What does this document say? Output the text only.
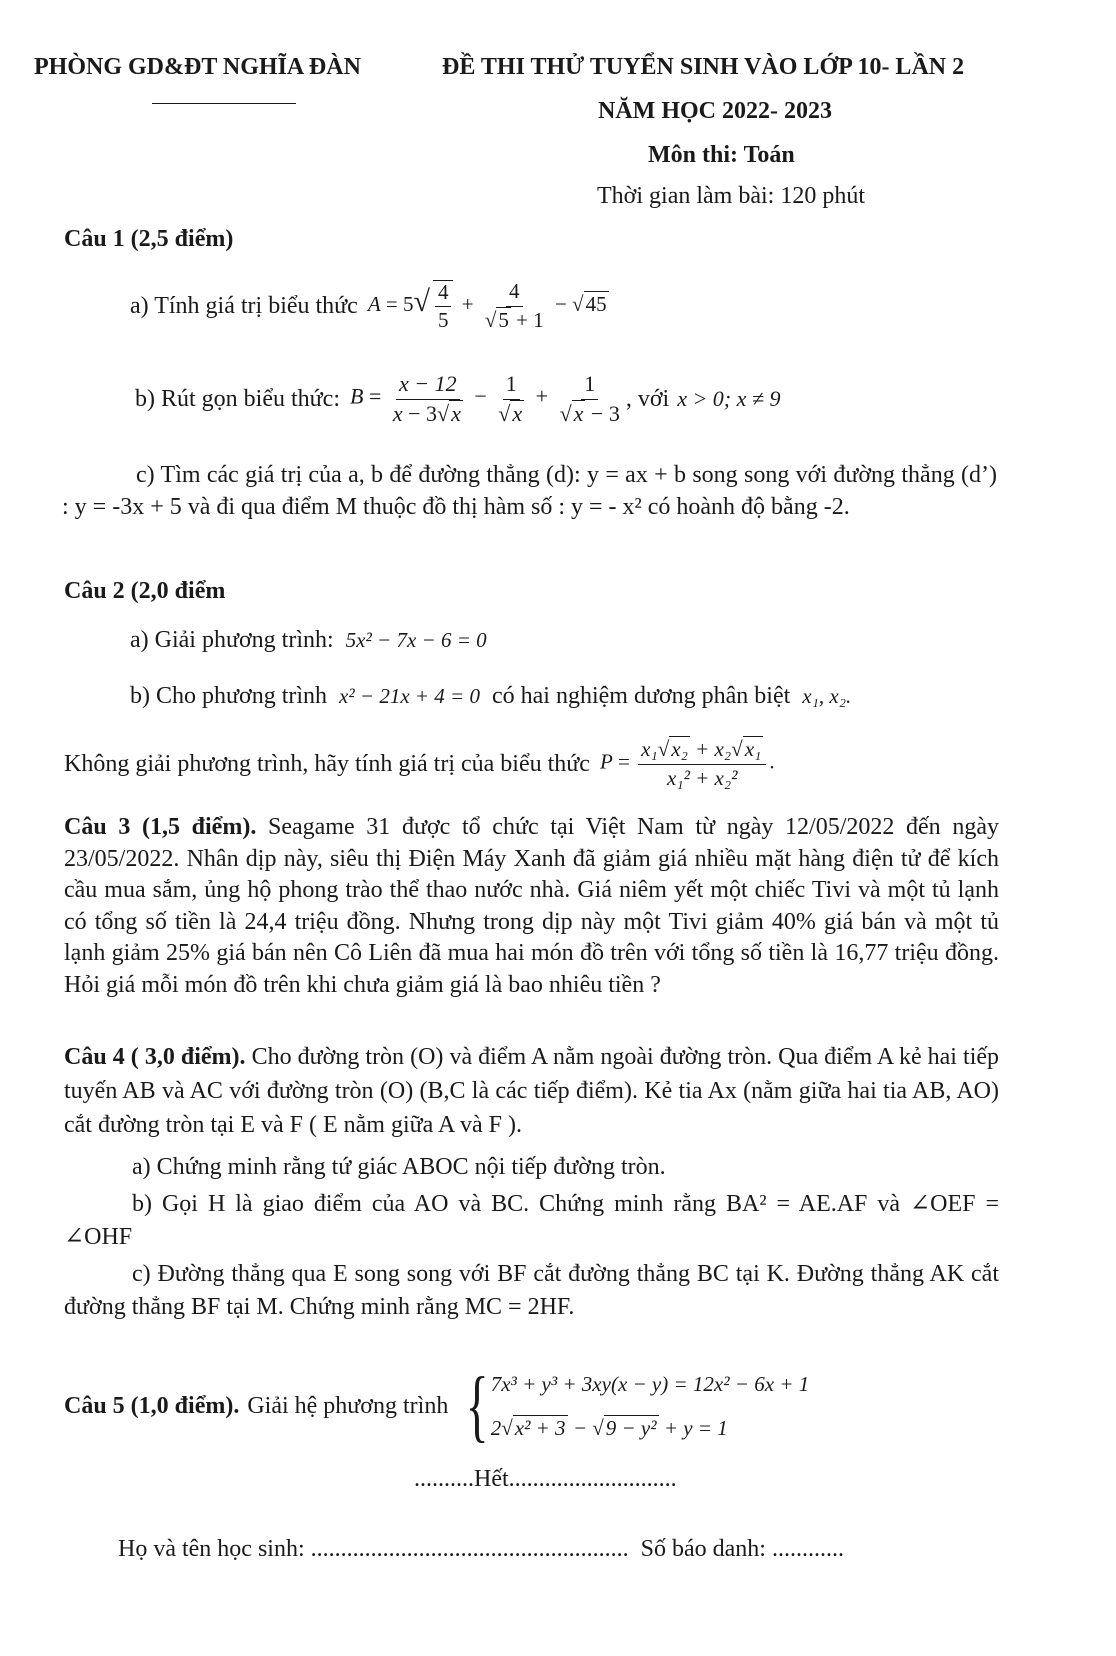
PHÒNG GD&ĐT NGHĨA ĐÀN	ĐỀ THI THỬ TUYỂN SINH VÀO LỚP 10- LẦN 2
NĂM HỌC 2022- 2023
Môn thi: Toán
Thời gian làm bài: 120 phút
Câu 1 (2,5 điểm)
a) Tính giá trị biểu thức $A = 5√ \frac{4}{5} + \frac{4}{√5 + 1} - √45$
b) Rút gọn biểu thức: $B = \frac{x - 12}{x - 3√x} - \frac{1}{√x} + \frac{1}{√x - 3}$ , với x > 0; x ≠ 9
c) Tìm các giá trị của a, b để đường thẳng (d): y = ax + b song song với đường thẳng (d’) : y = -3x + 5 và đi qua điểm M thuộc đồ thị hàm số : y = - x² có hoành độ bằng -2.
Câu 2 (2,0 điểm
a) Giải phương trình: 5x² − 7x − 6 = 0
b) Cho phương trình x² − 21x + 4 = 0 có hai nghiệm dương phân biệt x₁, x₂.
Không giải phương trình, hãy tính giá trị của biểu thức $P = \frac{\text{x₁√x₂ + x₂√x₁}}{\text{x₁² + x₂²}}$ .
Câu 3 (1,5 điểm). Seagame 31 được tổ chức tại Việt Nam từ ngày 12/05/2022 đến ngày 23/05/2022. Nhân dịp này, siêu thị Điện Máy Xanh đã giảm giá nhiều mặt hàng điện tử để kích cầu mua sắm, ủng hộ phong trào thể thao nước nhà. Giá niêm yết một chiếc Tivi và một tủ lạnh có tổng số tiền là 24,4 triệu đồng. Nhưng trong dịp này một Tivi giảm 40% giá bán và một tủ lạnh giảm 25% giá bán nên Cô Liên đã mua hai món đồ trên với tổng số tiền là 16,77 triệu đồng. Hỏi giá mỗi món đồ trên khi chưa giảm giá là bao nhiêu tiền ?
Câu 4 ( 3,0 điểm). Cho đường tròn (O) và điểm A nằm ngoài đường tròn. Qua điểm A kẻ hai tiếp tuyến AB và AC với đường tròn (O) (B,C là các tiếp điểm). Kẻ tia Ax (nằm giữa hai tia AB, AO) cắt đường tròn tại E và F ( E nằm giữa A và F ).
a) Chứng minh rằng tứ giác ABOC nội tiếp đường tròn.
b) Gọi H là giao điểm của AO và BC. Chứng minh rằng BA² = AE.AF và ∠OEF = ∠OHF
c) Đường thẳng qua E song song với BF cắt đường thẳng BC tại K. Đường thẳng AK cắt đường thẳng BF tại M. Chứng minh rằng MC = 2HF.
Câu 5 (1,0 điểm). Giải hệ phương trình { 7x³ + y³ + 3xy(x − y) = 12x² − 6x + 1
2√x² + 3 − √9 − y² + y = 1
..........Hết............................
Họ và tên học sinh: ..................................................... Số báo danh: ............
